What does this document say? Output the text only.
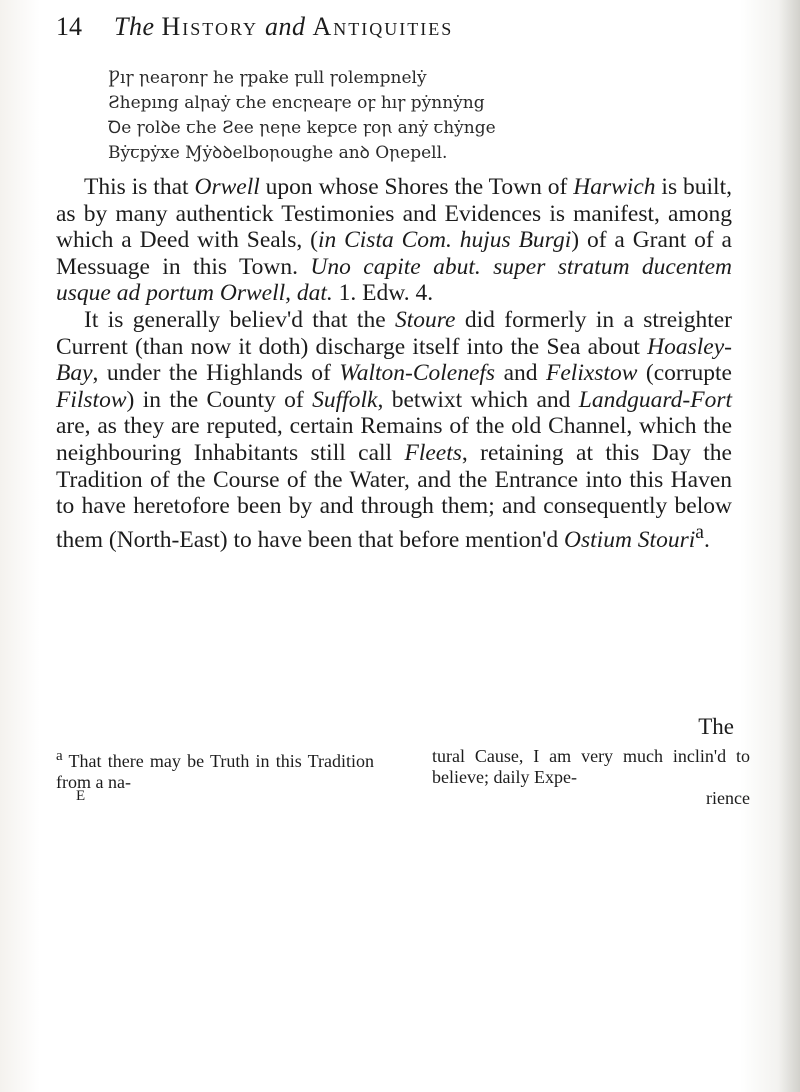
14 The History and Antiquities
Ƿıꞅ ꞃeaꞅonꞅ he ꞅpake ꝼull ꞅolempnelẏ
Ƨhepıng alꞃaẏ ꞇhe encꞃeaꞅe oꝼ hıꞅ pẏnnẏng
Ꝺe ꞅolꝺe ꞇhe Ƨee ꞃeꞃe kepꞇe ꝼoꞃ anẏ ꞇhẏnge
Bẏꞇpẏxe Ɱẏꝺꝺelboꞃoughe anꝺ Oꞃepell.

This is that Orwell upon whose Shores the Town of Harwich is built, as by many authentick Testimonies and Evidences is manifest, among which a Deed with Seals, (in Cista Com. hujus Burgi) of a Grant of a Messuage in this Town. Uno capite abut. super stratum ducentem usque ad portum Orwell, dat. 1. Edw. 4.

It is generally believ'd that the Stoure did formerly in a streighter Current (than now it doth) discharge itself into the Sea about Hoasley-Bay, under the Highlands of Walton-Colenefs and Felixstow (corrupte Filstow) in the County of Suffolk, betwixt which and Landguard-Fort are, as they are reputed, certain Remains of the old Channel, which the neighbouring Inhabitants still call Fleets, retaining at this Day the Tradition of the Course of the Water, and the Entrance into this Haven to have heretofore been by and through them; and consequently below them (North-East) to have been that before mention'd Ostium Stouri$^a$.

The
$^a$ That there may be Truth in this Tradition from a na-
E
tural Cause, I am very much inclin'd to believe; daily Expe-
rience
